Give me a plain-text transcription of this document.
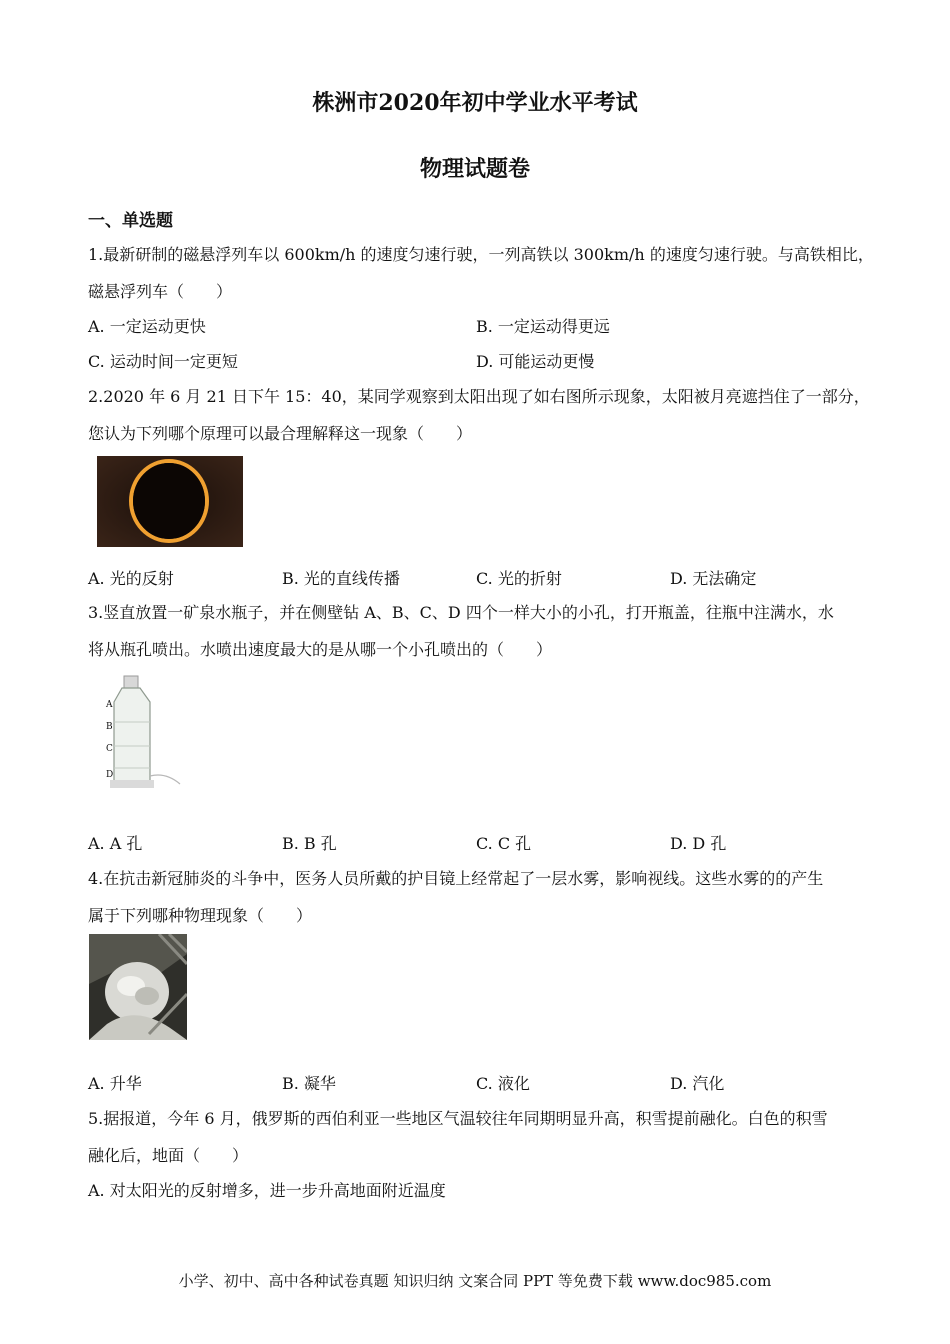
株洲市2020年初中学业水平考试
物理试题卷
一、单选题
1.最新研制的磁悬浮列车以 600km/h 的速度匀速行驶，一列高铁以 300km/h 的速度匀速行驶。与高铁相比，
磁悬浮列车（　　）
A. 一定运动更快	B. 一定运动得更远
C. 运动时间一定更短	D. 可能运动更慢
2.2020 年 6 月 21 日下午 15：40，某同学观察到太阳出现了如右图所示现象，太阳被月亮遮挡住了一部分，
您认为下列哪个原理可以最合理解释这一现象（　　）
A. 光的反射	B. 光的直线传播	C. 光的折射	D. 无法确定
3.竖直放置一矿泉水瓶子，并在侧壁钻 A、B、C、D 四个一样大小的小孔，打开瓶盖，往瓶中注满水，水
将从瓶孔喷出。水喷出速度最大的是从哪一个小孔喷出的（　　）
A
B
C
D
A. A 孔	B. B 孔	C. C 孔	D. D 孔
4.在抗击新冠肺炎的斗争中，医务人员所戴的护目镜上经常起了一层水雾，影响视线。这些水雾的的产生
属于下列哪种物理现象（　　）
A. 升华	B. 凝华	C. 液化	D. 汽化
5.据报道，今年 6 月，俄罗斯的西伯利亚一些地区气温较往年同期明显升高，积雪提前融化。白色的积雪
融化后，地面（　　）
A. 对太阳光的反射增多，进一步升高地面附近温度
小学、初中、高中各种试卷真题 知识归纳 文案合同 PPT 等免费下载 www.doc985.com
